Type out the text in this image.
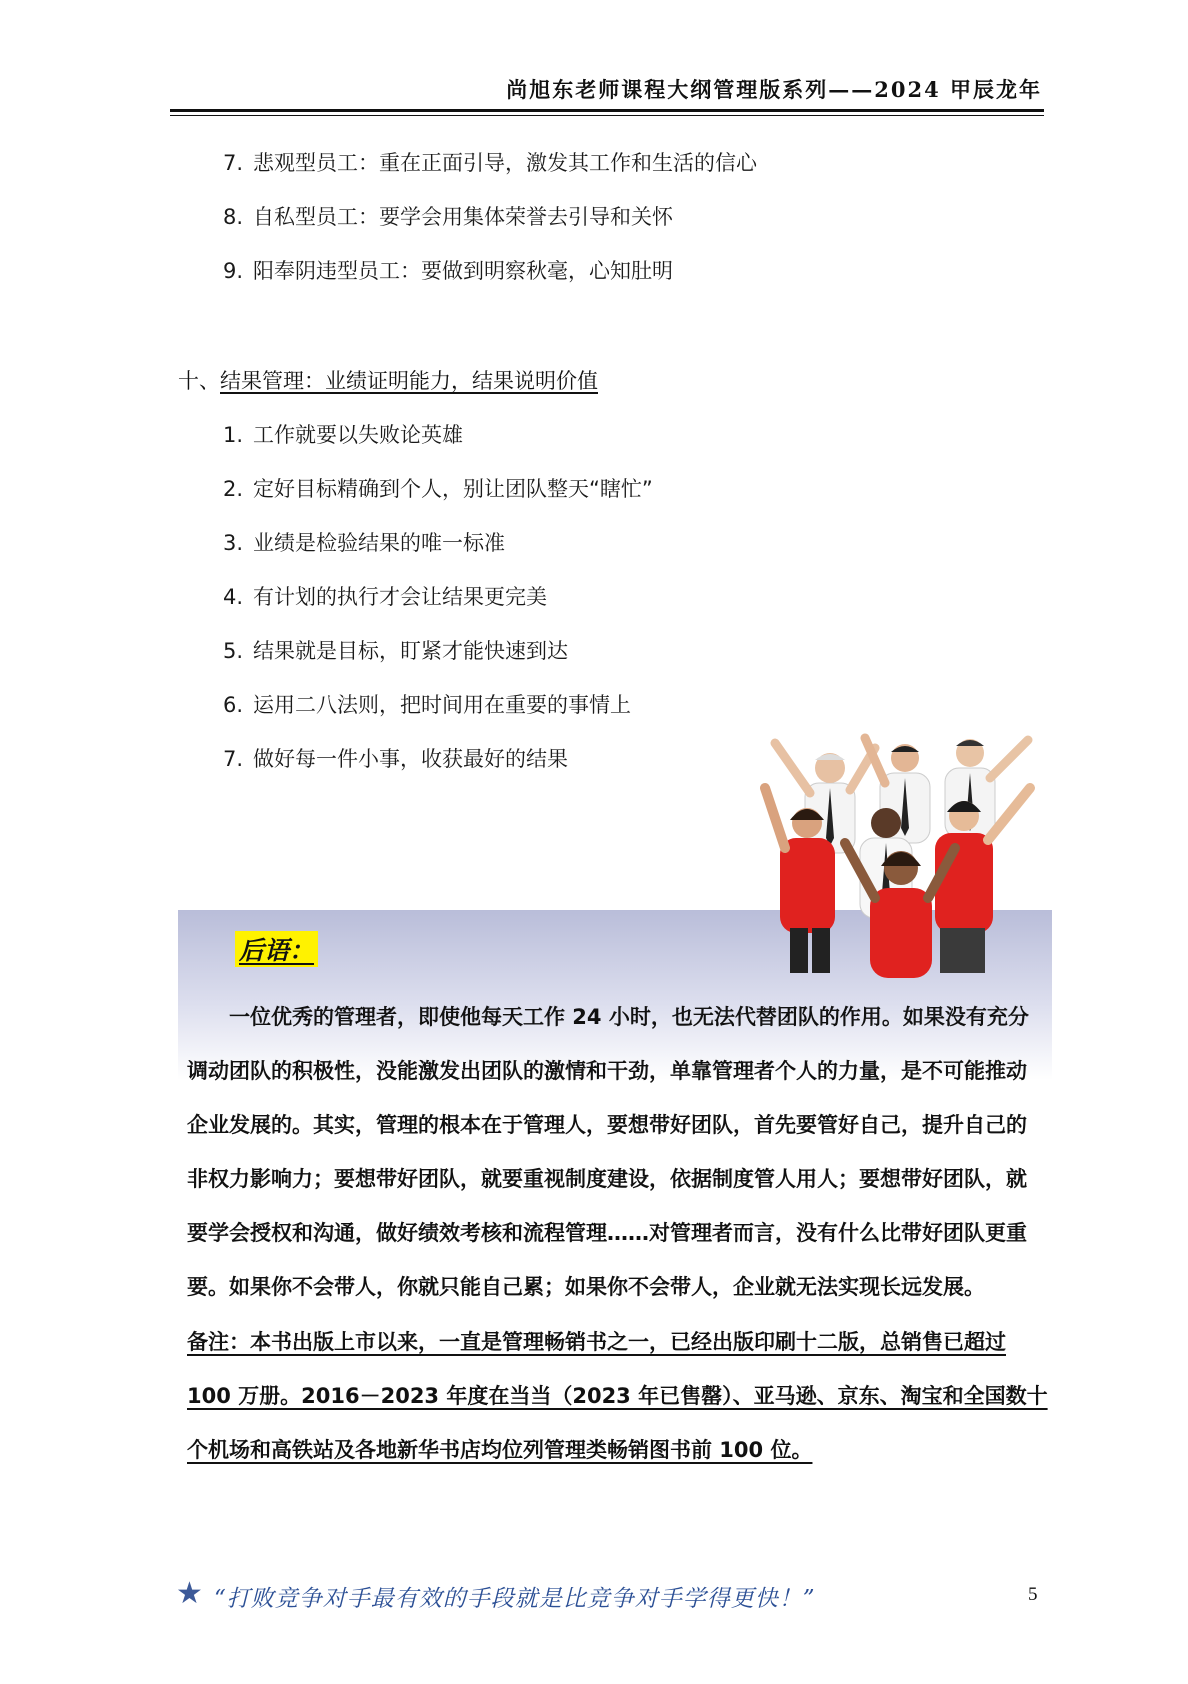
尚旭东老师课程大纲管理版系列——2024 甲辰龙年
7. 悲观型员工：重在正面引导，激发其工作和生活的信心
8. 自私型员工：要学会用集体荣誉去引导和关怀
9. 阳奉阴违型员工：要做到明察秋毫，心知肚明
十、结果管理：业绩证明能力，结果说明价值
1. 工作就要以失败论英雄
2. 定好目标精确到个人，别让团队整天“瞎忙”
3. 业绩是检验结果的唯一标准
4. 有计划的执行才会让结果更完美
5. 结果就是目标，盯紧才能快速到达
6. 运用二八法则，把时间用在重要的事情上
7. 做好每一件小事，收获最好的结果
后语：
　　一位优秀的管理者，即使他每天工作 24 小时，也无法代替团队的作用。如果没有充分
调动团队的积极性，没能激发出团队的激情和干劲，单靠管理者个人的力量，是不可能推动
企业发展的。其实，管理的根本在于管理人，要想带好团队，首先要管好自己，提升自己的
非权力影响力；要想带好团队，就要重视制度建设，依据制度管人用人；要想带好团队，就
要学会授权和沟通，做好绩效考核和流程管理……对管理者而言，没有什么比带好团队更重
要。如果你不会带人，你就只能自己累；如果你不会带人，企业就无法实现长远发展。
备注：本书出版上市以来，一直是管理畅销书之一，已经出版印刷十二版，总销售已超过
100 万册。2016－2023 年度在当当（2023 年已售罄）、亚马逊、京东、淘宝和全国数十
个机场和高铁站及各地新华书店均位列管理类畅销图书前 100 位。
★ “打败竞争对手最有效的手段就是比竞争对手学得更快！”	5
